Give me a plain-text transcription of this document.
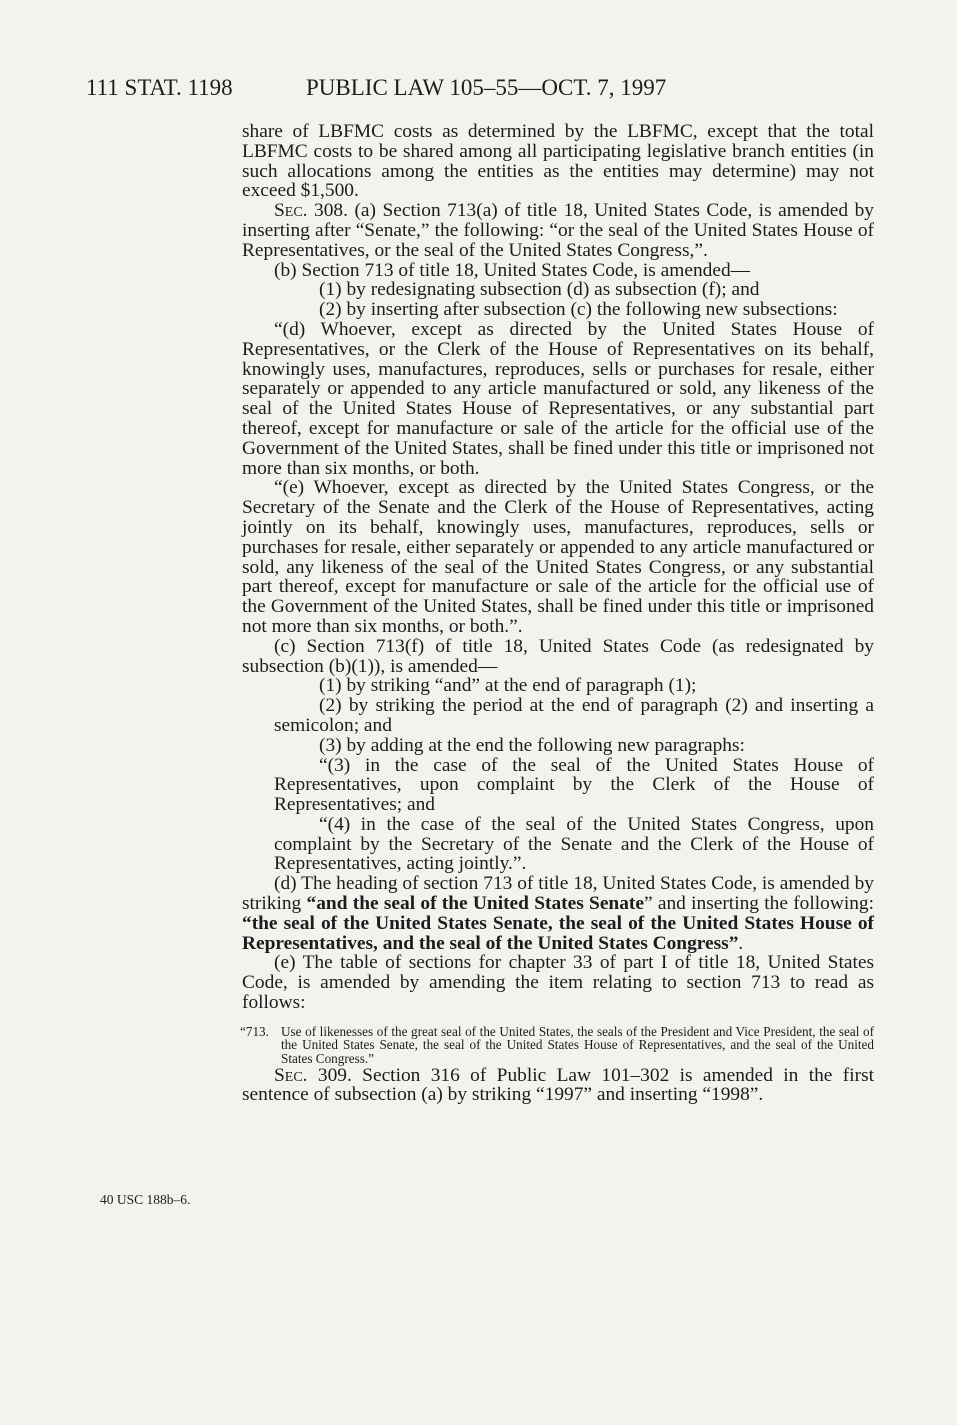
111 STAT. 1198	PUBLIC LAW 105–55—OCT. 7, 1997
40 USC 188b–6.

share of LBFMC costs as determined by the LBFMC, except that the total LBFMC costs to be shared among all participating legislative branch entities (in such allocations among the entities as the entities may determine) may not exceed $1,500.

Sec. 308. (a) Section 713(a) of title 18, United States Code, is amended by inserting after “Senate,” the following: “or the seal of the United States House of Representatives, or the seal of the United States Congress,”.

(b) Section 713 of title 18, United States Code, is amended—

(1) by redesignating subsection (d) as subsection (f); and

(2) by inserting after subsection (c) the following new subsections:

“(d) Whoever, except as directed by the United States House of Representatives, or the Clerk of the House of Representatives on its behalf, knowingly uses, manufactures, reproduces, sells or purchases for resale, either separately or appended to any article manufactured or sold, any likeness of the seal of the United States House of Representatives, or any substantial part thereof, except for manufacture or sale of the article for the official use of the Government of the United States, shall be fined under this title or imprisoned not more than six months, or both.

“(e) Whoever, except as directed by the United States Congress, or the Secretary of the Senate and the Clerk of the House of Representatives, acting jointly on its behalf, knowingly uses, manufactures, reproduces, sells or purchases for resale, either separately or appended to any article manufactured or sold, any likeness of the seal of the United States Congress, or any substantial part thereof, except for manufacture or sale of the article for the official use of the Government of the United States, shall be fined under this title or imprisoned not more than six months, or both.”.

(c) Section 713(f) of title 18, United States Code (as redesignated by subsection (b)(1)), is amended—

(1) by striking “and” at the end of paragraph (1);

(2) by striking the period at the end of paragraph (2) and inserting a semicolon; and

(3) by adding at the end the following new paragraphs:

“(3) in the case of the seal of the United States House of Representatives, upon complaint by the Clerk of the House of Representatives; and

“(4) in the case of the seal of the United States Congress, upon complaint by the Secretary of the Senate and the Clerk of the House of Representatives, acting jointly.”.

(d) The heading of section 713 of title 18, United States Code, is amended by striking “and the seal of the United States Senate” and inserting the following: “the seal of the United States Senate, the seal of the United States House of Representatives, and the seal of the United States Congress”.

(e) The table of sections for chapter 33 of part I of title 18, United States Code, is amended by amending the item relating to section 713 to read as follows:

“713. Use of likenesses of the great seal of the United States, the seals of the President and Vice President, the seal of the United States Senate, the seal of the United States House of Representatives, and the seal of the United States Congress.”

Sec. 309. Section 316 of Public Law 101–302 is amended in the first sentence of subsection (a) by striking “1997” and inserting “1998”.
